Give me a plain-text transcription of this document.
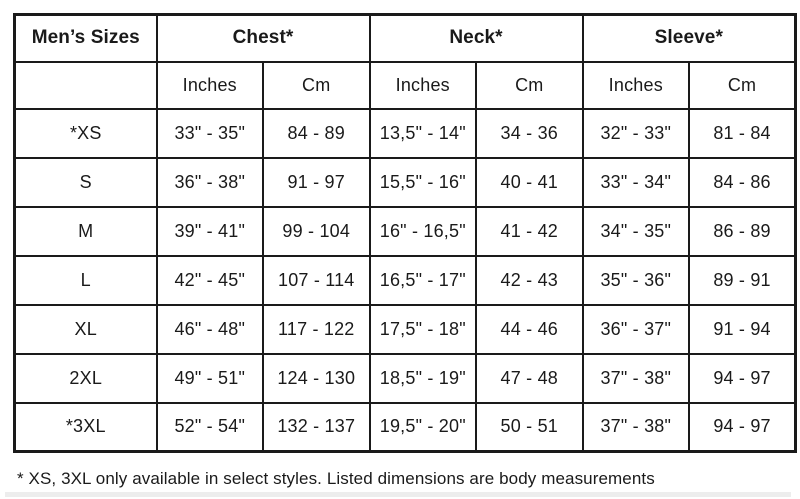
Men’s Sizes	Chest*		Neck*		Sleeve*	
	Inches	Cm	Inches	Cm	Inches	Cm
*XS	33" - 35"	84 - 89	13,5" - 14"	34 - 36	32" - 33"	81 - 84
S	36" - 38"	91 - 97	15,5" - 16"	40 - 41	33" - 34"	84 - 86
M	39" - 41"	99 - 104	16" - 16,5"	41 - 42	34" - 35"	86 - 89
L	42" - 45"	107 - 114	16,5" - 17"	42 - 43	35" - 36"	89 - 91
XL	46" - 48"	117 - 122	17,5" - 18"	44 - 46	36" - 37"	91 - 94
2XL	49" - 51"	124 - 130	18,5" - 19"	47 - 48	37" - 38"	94 - 97
*3XL	52" - 54"	132 - 137	19,5" - 20"	50 - 51	37" - 38"	94 - 97
* XS, 3XL only available in select styles. Listed dimensions are body measurements
